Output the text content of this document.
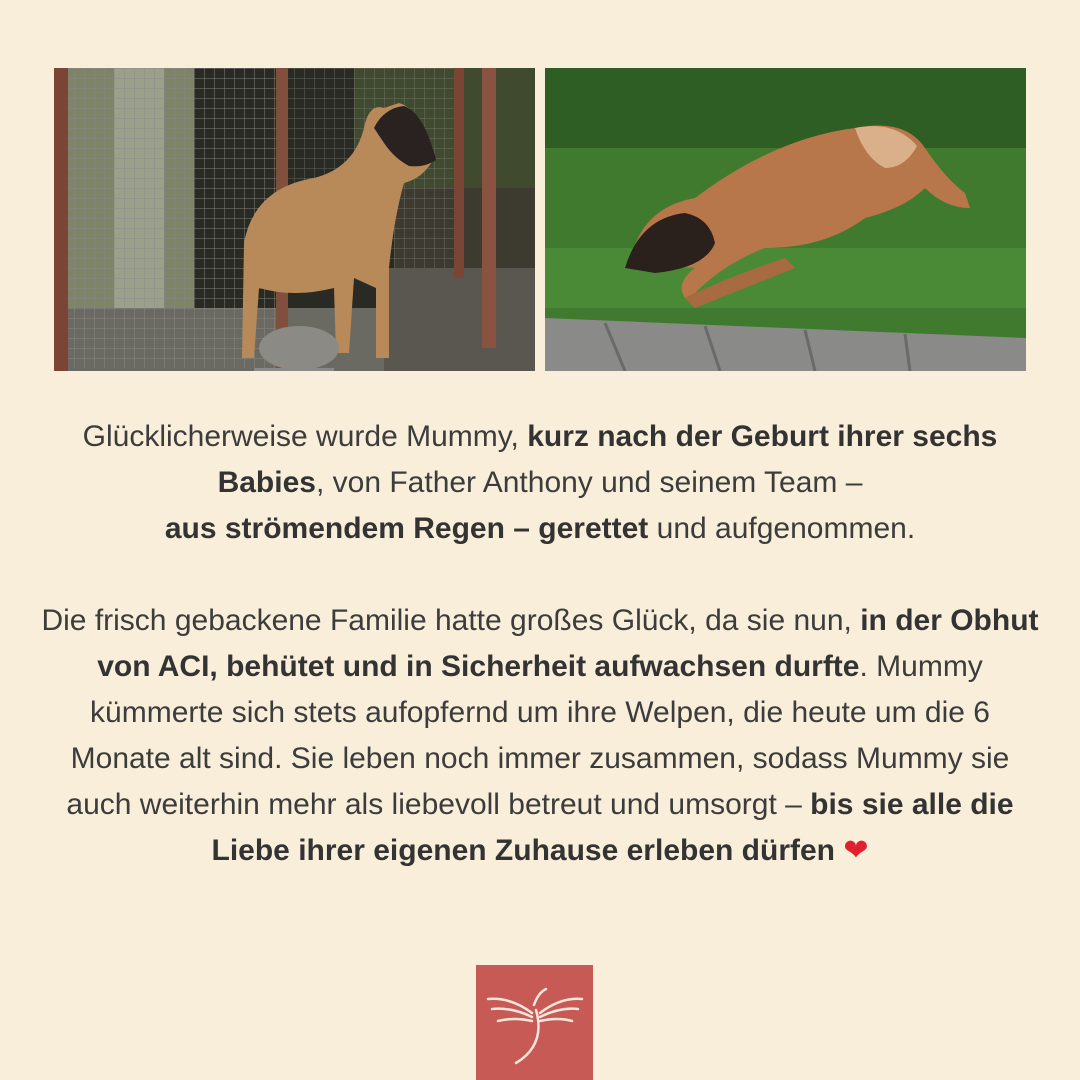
Glücklicherweise wurde Mummy, kurz nach der Geburt ihrer sechs Babies, von Father Anthony und seinem Team –
aus strömendem Regen – gerettet und aufgenommen.
Die frisch gebackene Familie hatte großes Glück, da sie nun, in der Obhut von ACI, behütet und in Sicherheit aufwachsen durfte. Mummy kümmerte sich stets aufopfernd um ihre Welpen, die heute um die 6 Monate alt sind. Sie leben noch immer zusammen, sodass Mummy sie auch weiterhin mehr als liebevoll betreut und umsorgt – bis sie alle die Liebe ihrer eigenen Zuhause erleben dürfen ❤
